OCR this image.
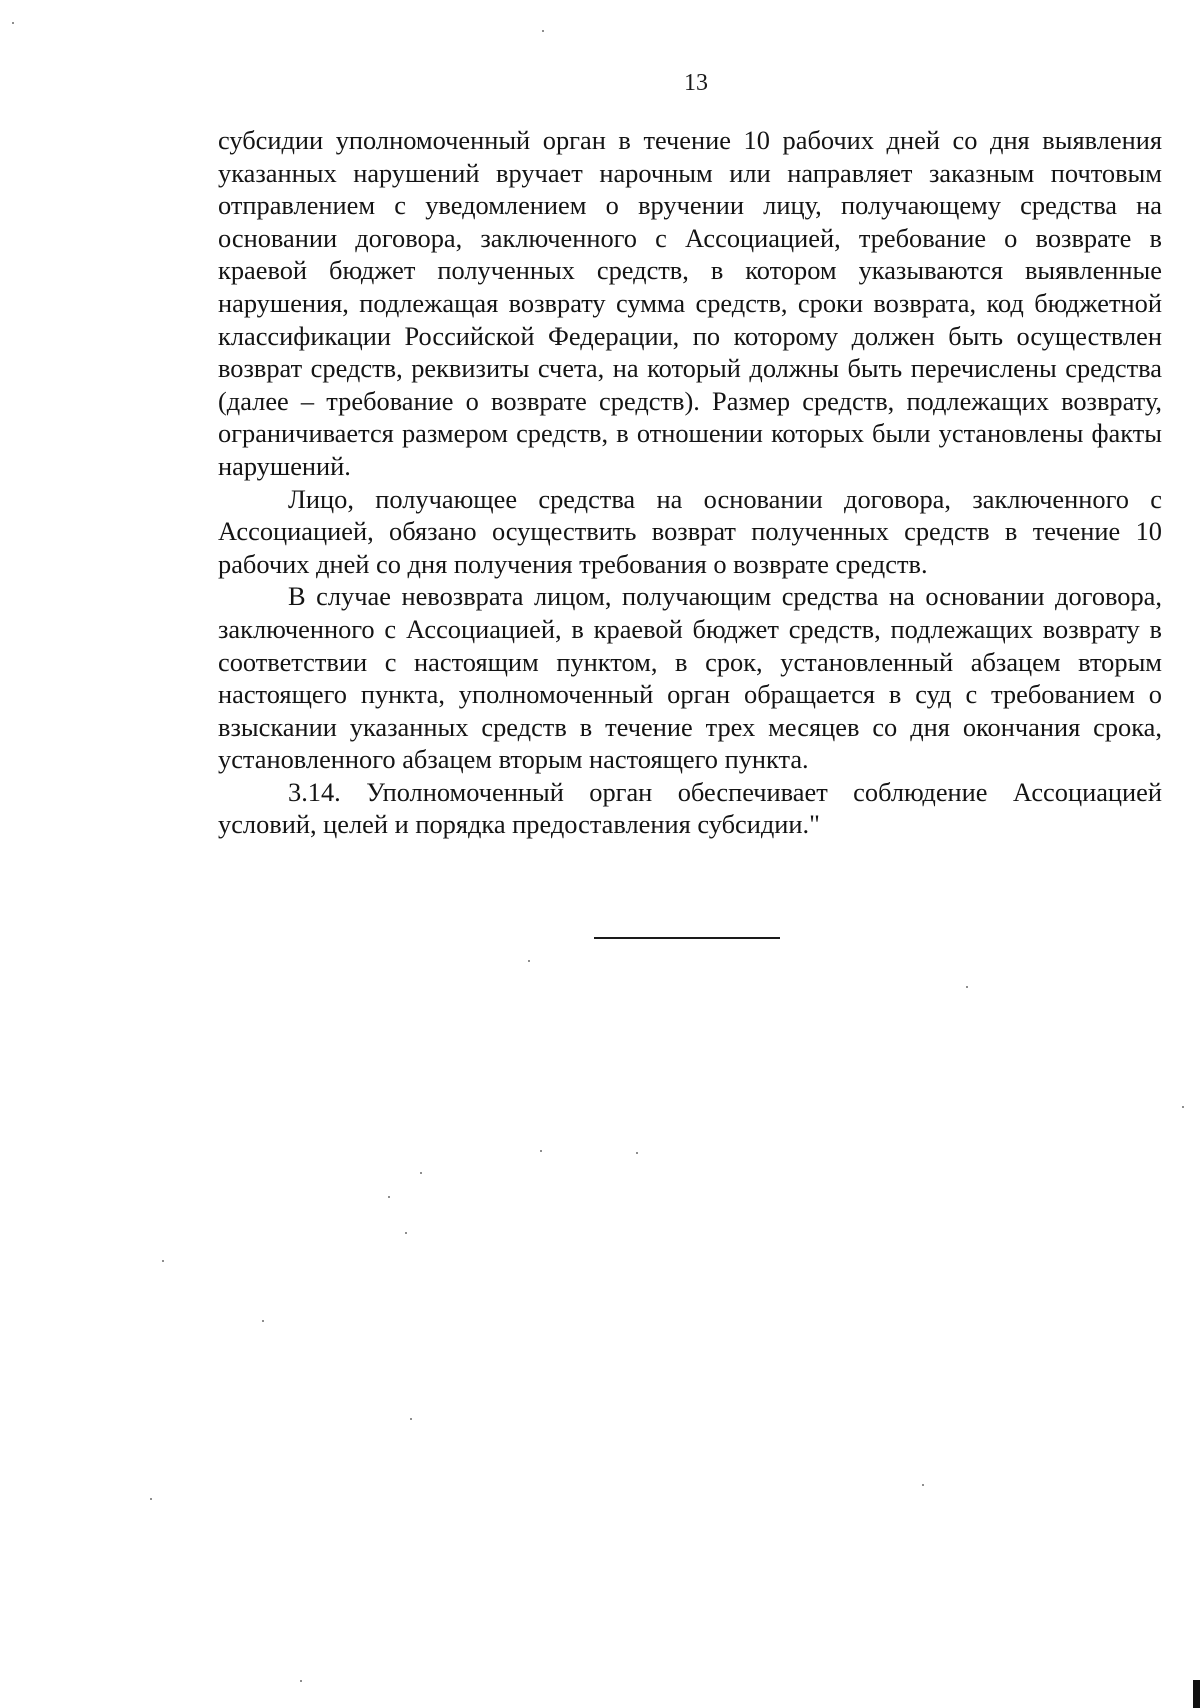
13

субсидии уполномоченный орган в течение 10 рабочих дней со дня выявления указанных нарушений вручает нарочным или направляет заказным почтовым отправлением с уведомлением о вручении лицу, получающему средства на основании договора, заключенного с Ассоциацией, требование о возврате в краевой бюджет полученных средств, в котором указываются выявленные нарушения, подлежащая возврату сумма средств, сроки возврата, код бюджетной классификации Российской Федерации, по которому должен быть осуществлен возврат средств, реквизиты счета, на который должны быть перечислены средства (далее – требование о возврате средств). Размер средств, подлежащих возврату, ограничивается размером средств, в отношении которых были установлены факты нарушений.

Лицо, получающее средства на основании договора, заключенного с Ассоциацией, обязано осуществить возврат полученных средств в течение 10 рабочих дней со дня получения требования о возврате средств.

В случае невозврата лицом, получающим средства на основании договора, заключенного с Ассоциацией, в краевой бюджет средств, подлежащих возврату в соответствии с настоящим пунктом, в срок, установленный абзацем вторым настоящего пункта, уполномоченный орган обращается в суд с требованием о взыскании указанных средств в течение трех месяцев со дня окончания срока, установленного абзацем вторым настоящего пункта.

3.14. Уполномоченный орган обеспечивает соблюдение Ассоциацией условий, целей и порядка предоставления субсидии."
